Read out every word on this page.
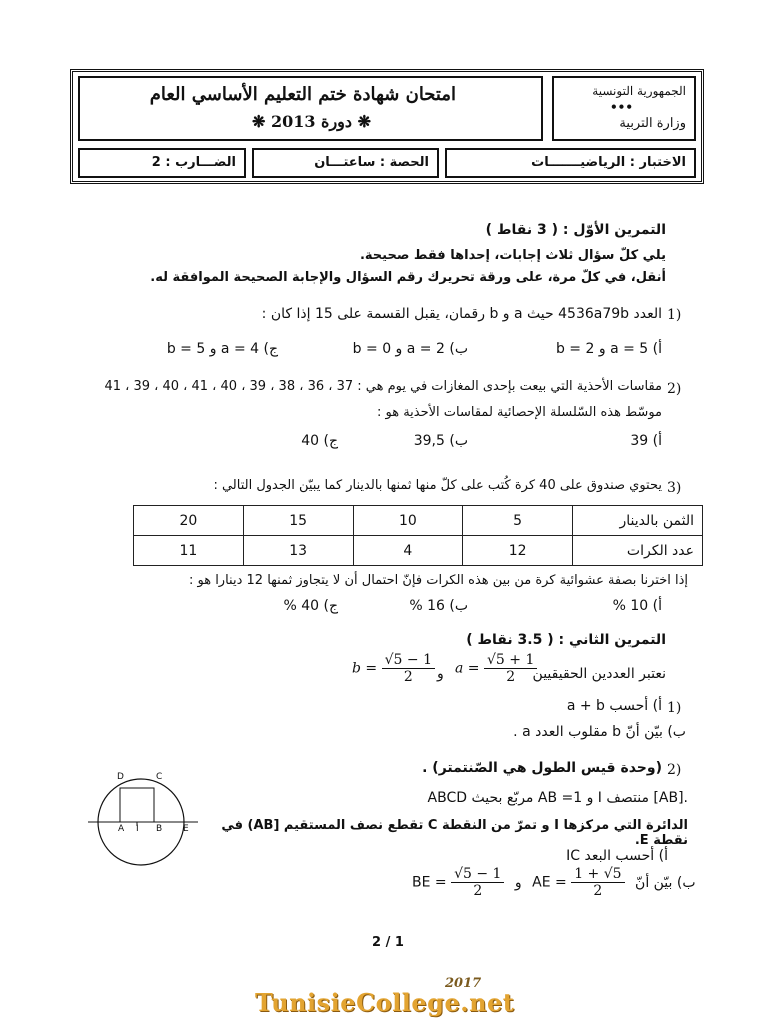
امتحان شهادة ختم التعليم الأساسي العام
❋ دورة 2013 ❋
الجمهورية التونسية
•••
وزارة التربية
الضـــارب : 2	الحصة : ساعتـــان	الاختبار : الرياضيـــــــات
التمرين الأوّل : ( 3 نقاط )
يلي كلّ سؤال ثلاث إجابات، إحداها فقط صحيحة.
أنقل، في كلّ مرة، على ورقة تحريرك رقم السؤال والإجابة الصحيحة الموافقة له.
1)
العدد 4536a79b حيث a و b رقمان، يقبل القسمة على 15 إذا كان :
أ) a = 5 و b = 2
ب) a = 2 و b = 0
ج) a = 4 و b = 5
2)
مقاسات الأحذية التي بيعت بإحدى المغازات في يوم هي : 37 ، 36 ، 38 ، 39 ، 40 ، 41 ، 40 ، 39 ، 41
موسّط هذه السّلسلة الإحصائية لمقاسات الأحذية هو :
أ) 39
ب) 39,5
ج) 40
3)
يحتوي صندوق على 40 كرة كُتب على كلّ منها ثمنها بالدينار كما يبيّن الجدول التالي :
20	15	10	5	الثمن بالدينار
11	13	4	12	عدد الكرات
إذا اخترنا بصفة عشوائية كرة من بين هذه الكرات فإنّ احتمال أن لا يتجاوز ثمنها 12 دينارا هو :
أ) 10 %
ب) 16 %
ج) 40 %
التمرين الثاني : ( 3.5 نقاط )
نعتبر العددين الحقيقيين
$a = \frac{√5 + 1}{2}$
و
$b = \frac{√5 - 1}{2}$
1)
أ) أحسب a + b
ب) بيّن أنّ b مقلوب العدد a .
2)
(وحدة قيس الطول هي الصّنتمتر) .
ABCD مربّع بحيث AB =1 و I منتصف [AB].
الدائرة التي مركزها I و تمرّ من النقطة C تقطع نصف المستقيم [AB) في نقطة E.
أ) أحسب البعد IC
BE = $\frac{√5 - 1}{2}$ و AE = $\frac{1 + √5}{2}$ ب) بيّن أنّ
D	C
A I B E
2 / 1
2017
TunisieCollege.net
